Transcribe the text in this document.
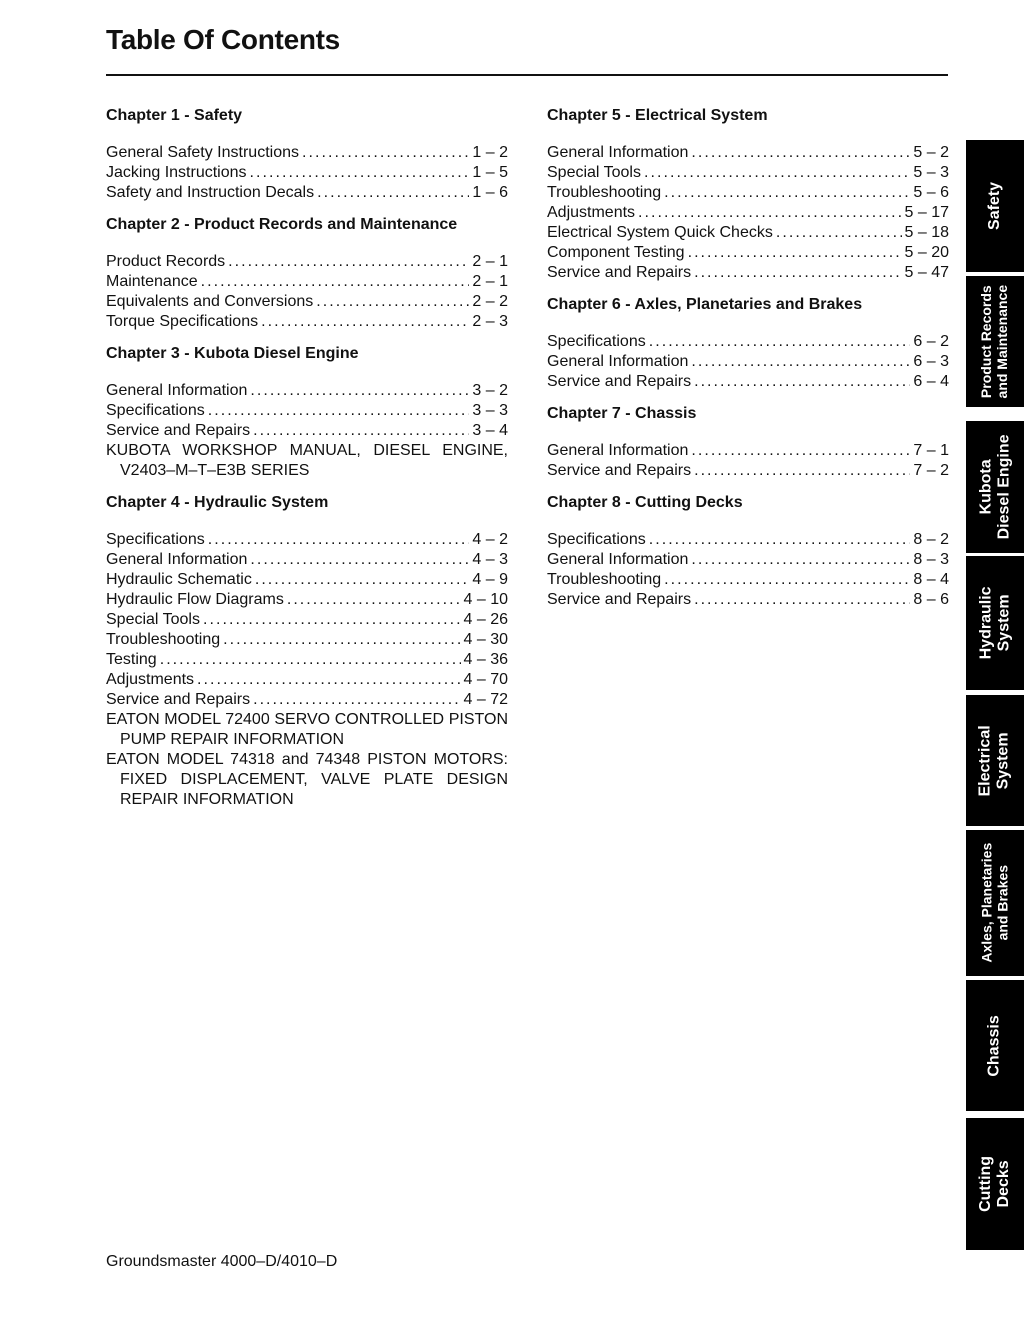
Table Of Contents
Chapter 1 - Safety
General Safety Instructions . . .	1 – 2
Jacking Instructions . . .	1 – 5
Safety and Instruction Decals . . .	1 – 6
Chapter 2 - Product Records and Maintenance
Product Records . . .	2 – 1
Maintenance . . .	2 – 1
Equivalents and Conversions . . .	2 – 2
Torque Specifications . . .	2 – 3
Chapter 3 - Kubota Diesel Engine
General Information . . .	3 – 2
Specifications . . .	3 – 3
Service and Repairs . . .	3 – 4
KUBOTA WORKSHOP MANUAL, DIESEL ENGINE, V2403–M–T–E3B SERIES
Chapter 4 - Hydraulic System
Specifications . . .	4 – 2
General Information . . .	4 – 3
Hydraulic Schematic . . .	4 – 9
Hydraulic Flow Diagrams . . .	4 – 10
Special Tools . . .	4 – 26
Troubleshooting . . .	4 – 30
Testing . . .	4 – 36
Adjustments . . .	4 – 70
Service and Repairs . . .	4 – 72
EATON MODEL 72400 SERVO CONTROLLED PISTON PUMP REPAIR INFORMATION
EATON MODEL 74318 and 74348 PISTON MOTORS: FIXED DISPLACEMENT, VALVE PLATE DESIGN REPAIR INFORMATION
Chapter 5 - Electrical System
General Information . . .	5 – 2
Special Tools . . .	5 – 3
Troubleshooting . . .	5 – 6
Adjustments . . .	5 – 17
Electrical System Quick Checks . . .	5 – 18
Component Testing . . .	5 – 20
Service and Repairs . . .	5 – 47
Chapter 6 - Axles, Planetaries and Brakes
Specifications . . .	6 – 2
General Information . . .	6 – 3
Service and Repairs . . .	6 – 4
Chapter 7 - Chassis
General Information . . .	7 – 1
Service and Repairs . . .	7 – 2
Chapter 8 - Cutting Decks
Specifications . . .	8 – 2
General Information . . .	8 – 3
Troubleshooting . . .	8 – 4
Service and Repairs . . .	8 – 6
Groundsmaster 4000–D/4010–D
Safety
Product Records
and Maintenance
Kubota
Diesel Engine
Hydraulic
System
Electrical
System
Axles, Planetaries
and Brakes
Chassis
Cutting
Decks
